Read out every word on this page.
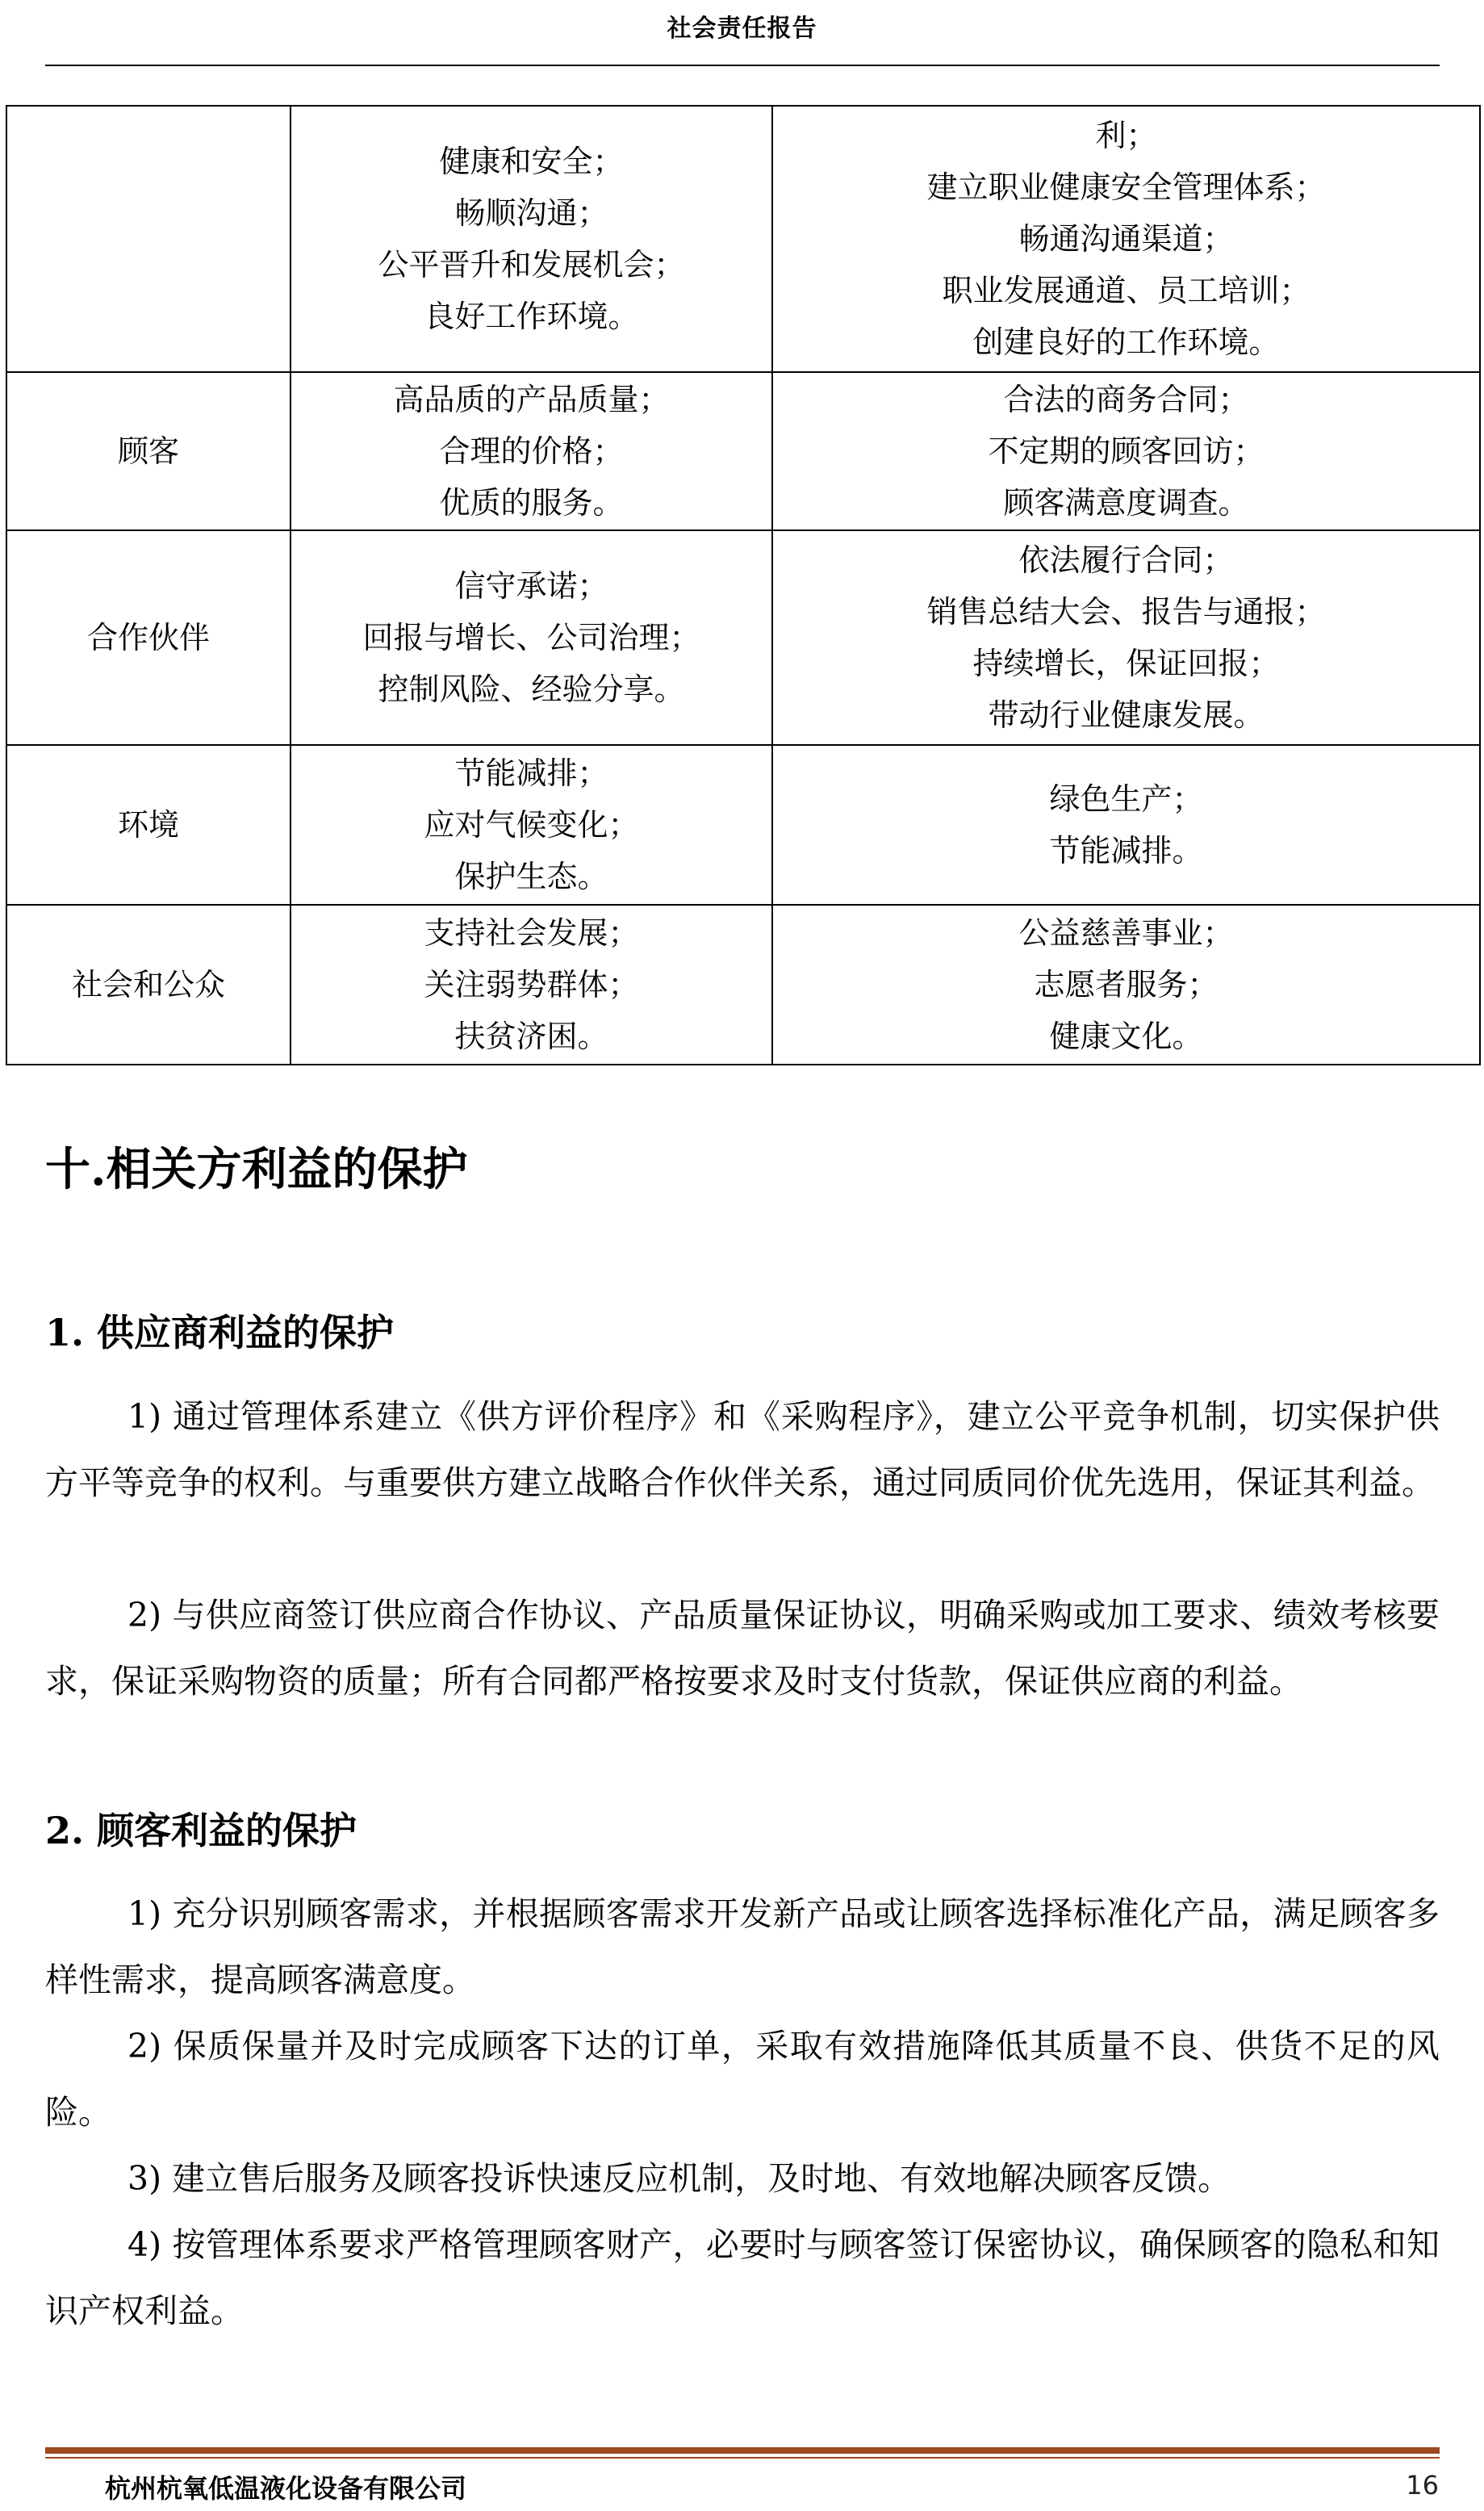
社会责任报告

	健康和安全；
畅顺沟通；
公平晋升和发展机会；
良好工作环境。	利；
建立职业健康安全管理体系；
畅通沟通渠道；
职业发展通道、员工培训；
创建良好的工作环境。

顾客	高品质的产品质量；
合理的价格；
优质的服务。	合法的商务合同；
不定期的顾客回访；
顾客满意度调查。

合作伙伴	信守承诺；
回报与增长、公司治理；
控制风险、经验分享。	依法履行合同；
销售总结大会、报告与通报；
持续增长，保证回报；
带动行业健康发展。

环境	节能减排；
应对气候变化；
保护生态。	绿色生产；
节能减排。

社会和公众	支持社会发展；
关注弱势群体；
扶贫济困。	公益慈善事业；
志愿者服务；
健康文化。
十.相关方利益的保护
1. 供应商利益的保护
1) 通过管理体系建立《供方评价程序》和《采购程序》，建立公平竞争机制，切实保护供方平等竞争的权利。与重要供方建立战略合作伙伴关系，通过同质同价优先选用，保证其利益。
2) 与供应商签订供应商合作协议、产品质量保证协议，明确采购或加工要求、绩效考核要求，保证采购物资的质量；所有合同都严格按要求及时支付货款，保证供应商的利益。
2. 顾客利益的保护
1) 充分识别顾客需求，并根据顾客需求开发新产品或让顾客选择标准化产品，满足顾客多样性需求，提高顾客满意度。
2) 保质保量并及时完成顾客下达的订单，采取有效措施降低其质量不良、供货不足的风险。
3) 建立售后服务及顾客投诉快速反应机制，及时地、有效地解决顾客反馈。
4) 按管理体系要求严格管理顾客财产，必要时与顾客签订保密协议，确保顾客的隐私和知识产权利益。
杭州杭氧低温液化设备有限公司	16
